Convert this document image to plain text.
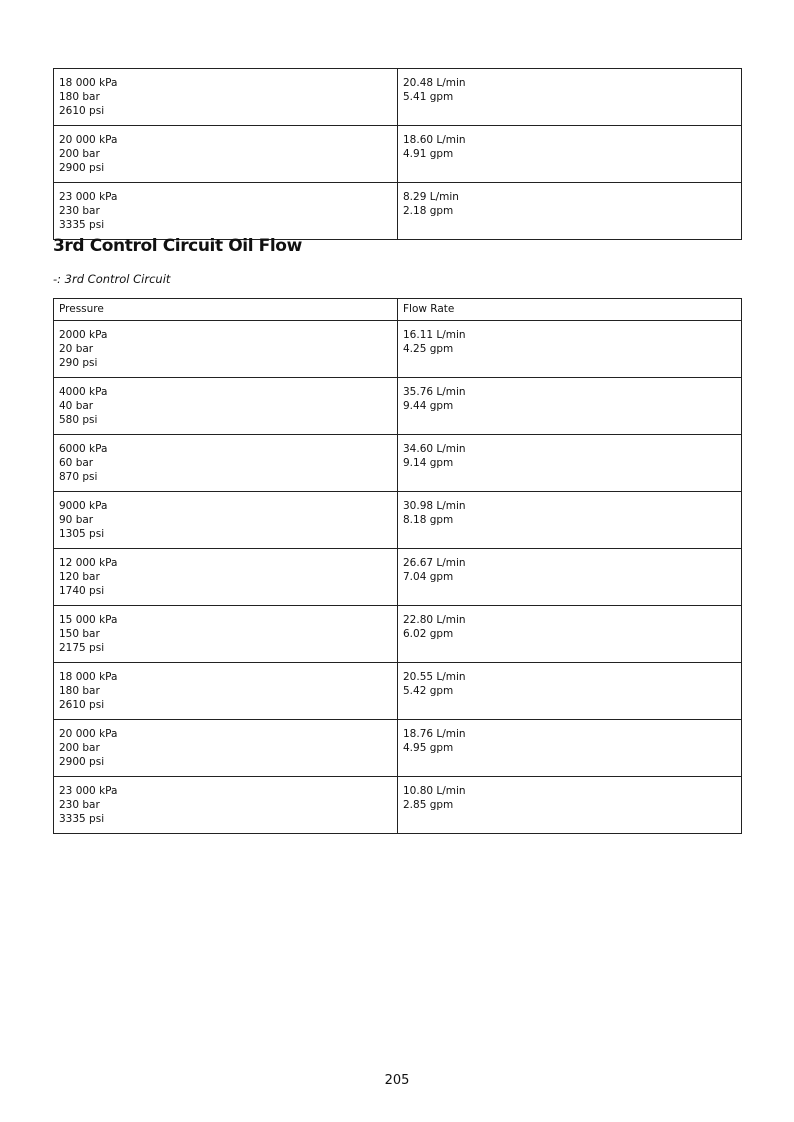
18 000 kPa
180 bar
2610 psi	20.48 L/min
5.41 gpm

20 000 kPa
200 bar
2900 psi	18.60 L/min
4.91 gpm

23 000 kPa
230 bar
3335 psi	8.29 L/min
2.18 gpm
3rd Control Circuit Oil Flow

-: 3rd Control Circuit

Pressure	Flow Rate

2000 kPa
20 bar
290 psi	16.11 L/min
4.25 gpm

4000 kPa
40 bar
580 psi	35.76 L/min
9.44 gpm

6000 kPa
60 bar
870 psi	34.60 L/min
9.14 gpm

9000 kPa
90 bar
1305 psi	30.98 L/min
8.18 gpm

12 000 kPa
120 bar
1740 psi	26.67 L/min
7.04 gpm

15 000 kPa
150 bar
2175 psi	22.80 L/min
6.02 gpm

18 000 kPa
180 bar
2610 psi	20.55 L/min
5.42 gpm

20 000 kPa
200 bar
2900 psi	18.76 L/min
4.95 gpm

23 000 kPa
230 bar
3335 psi	10.80 L/min
2.85 gpm
205
